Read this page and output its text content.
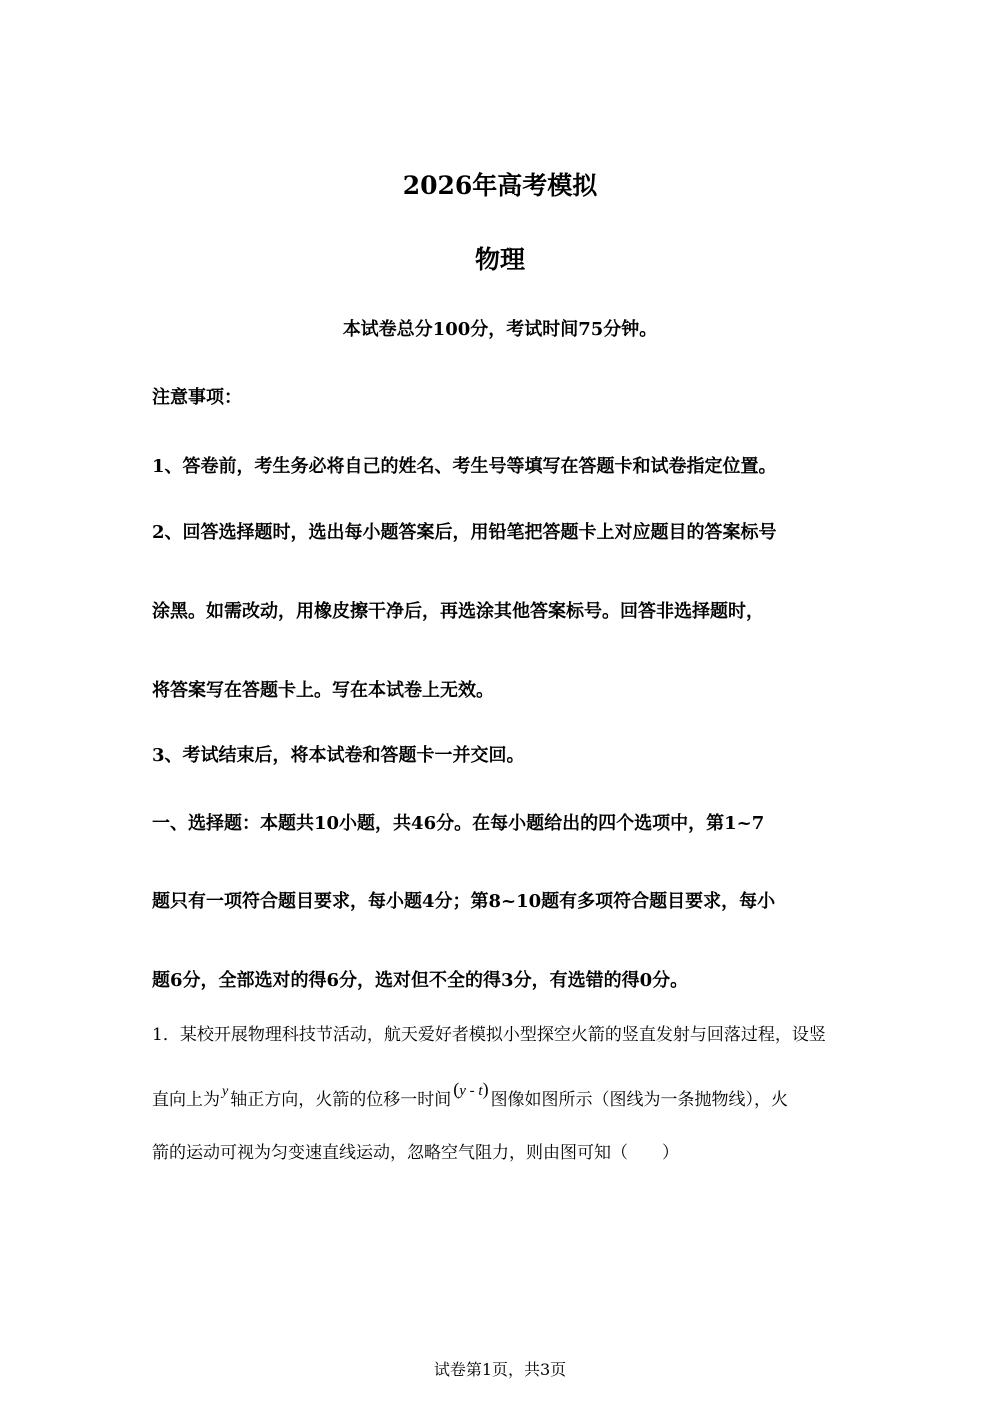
2026年高考模拟
物理
本试卷总分100分，考试时间75分钟。
注意事项：
1、答卷前，考生务必将自己的姓名、考生号等填写在答题卡和试卷指定位置。
2、回答选择题时，选出每小题答案后，用铅笔把答题卡上对应题目的答案标号
涂黑。如需改动，用橡皮擦干净后，再选涂其他答案标号。回答非选择题时，
将答案写在答题卡上。写在本试卷上无效。
3、考试结束后，将本试卷和答题卡一并交回。
一、选择题：本题共10小题，共46分。在每小题给出的四个选项中，第1~7
题只有一项符合题目要求，每小题4分；第8~10题有多项符合题目要求，每小
题6分，全部选对的得6分，选对但不全的得3分，有选错的得0分。
1．某校开展物理科技节活动，航天爱好者模拟小型探空火箭的竖直发射与回落过程，设竖
直向上为 $^y$ 轴正方向，火箭的位移一时间(y - t)图像如图所示（图线为一条抛物线），火
箭的运动可视为匀变速直线运动，忽略空气阻力，则由图可知（　　）
试卷第1页，共3页
